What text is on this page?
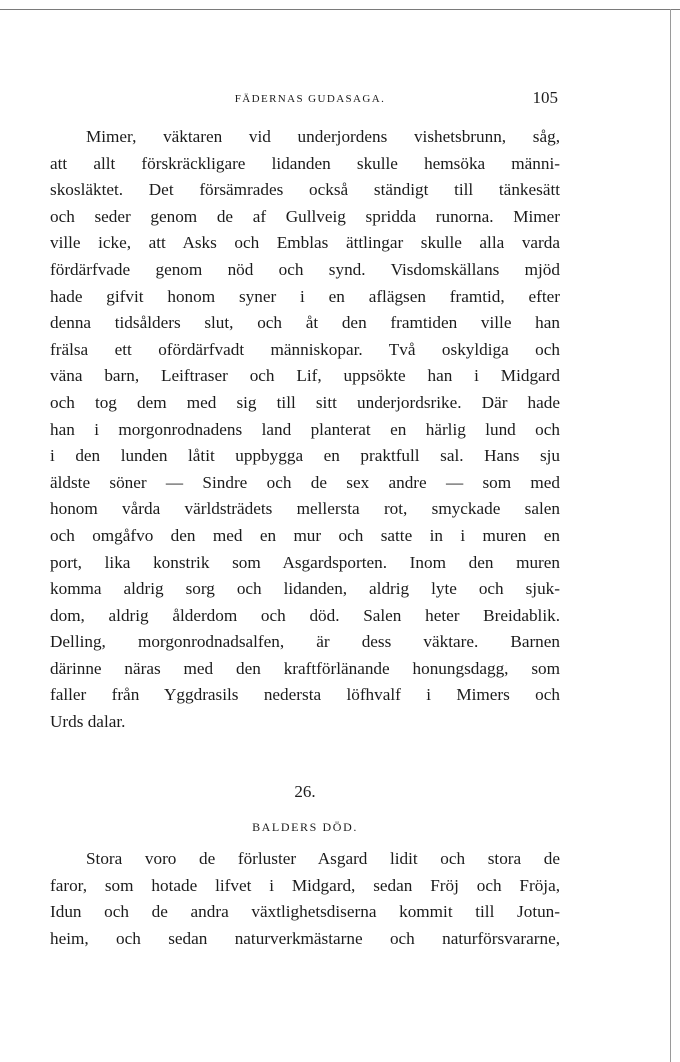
FÄDERNAS GUDASAGA.	105
Mimer, väktaren vid underjordens vishetsbrunn, såg,
att allt förskräckligare lidanden skulle hemsöka männi-
skosläktet. Det försämrades också ständigt till tänkesätt
och seder genom de af Gullveig spridda runorna. Mimer
ville icke, att Asks och Emblas ättlingar skulle alla varda
fördärfvade genom nöd och synd. Visdomskällans mjöd
hade gifvit honom syner i en aflägsen framtid, efter
denna tidsålders slut, och åt den framtiden ville han
frälsa ett ofördärfvadt människopar. Två oskyldiga och
väna barn, Leiftraser och Lif, uppsökte han i Midgard
och tog dem med sig till sitt underjordsrike. Där hade
han i morgonrodnadens land planterat en härlig lund och
i den lunden låtit uppbygga en praktfull sal. Hans sju
äldste söner — Sindre och de sex andre — som med
honom vårda världsträdets mellersta rot, smyckade salen
och omgåfvo den med en mur och satte in i muren en
port, lika konstrik som Asgardsporten. Inom den muren
komma aldrig sorg och lidanden, aldrig lyte och sjuk-
dom, aldrig ålderdom och död. Salen heter Breidablik.
Delling, morgonrodnadsalfen, är dess väktare. Barnen
därinne näras med den kraftförlänande honungsdagg, som
faller från Yggdrasils nedersta löfhvalf i Mimers och
Urds dalar.
26.
BALDERS DÖD.
Stora voro de förluster Asgard lidit och stora de
faror, som hotade lifvet i Midgard, sedan Fröj och Fröja,
Idun och de andra växtlighetsdiserna kommit till Jotun-
heim, och sedan naturverkmästarne och naturförsvararne,
